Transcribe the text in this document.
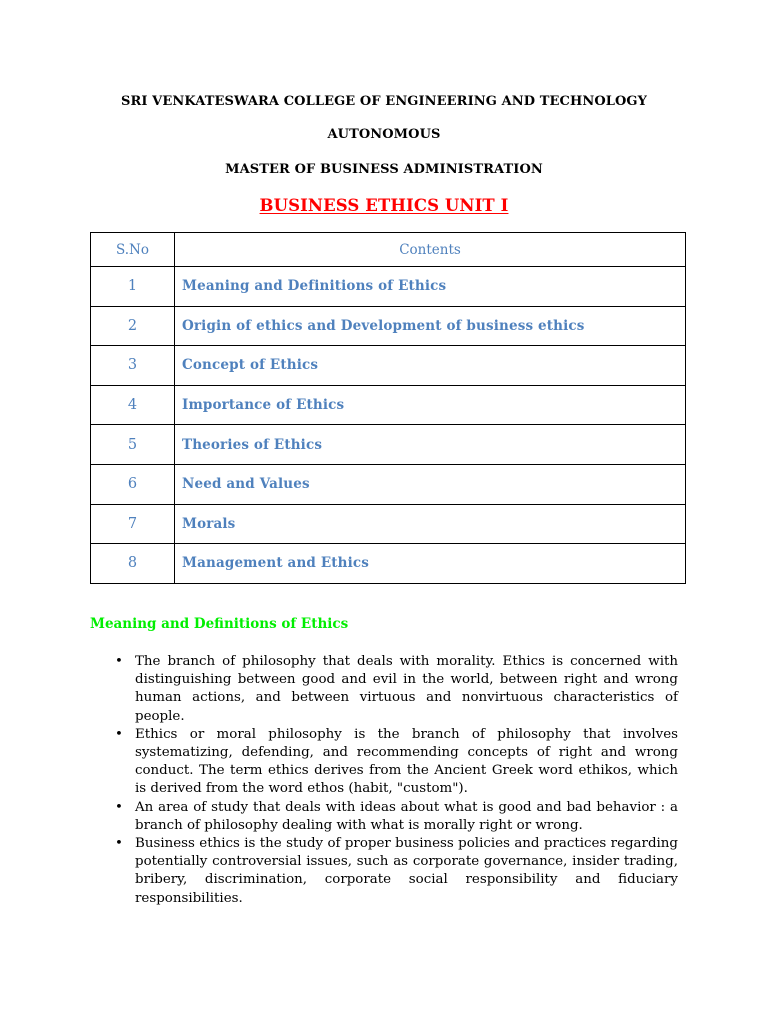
SRI VENKATESWARA COLLEGE OF ENGINEERING AND TECHNOLOGY
AUTONOMOUS
MASTER OF BUSINESS ADMINISTRATION
BUSINESS ETHICS UNIT I
S.No	Contents
1	Meaning and Definitions of Ethics
2	Origin of ethics and Development of business ethics
3	Concept of Ethics
4	Importance of Ethics
5	Theories of Ethics
6	Need and Values
7	Morals
8	Management and Ethics
Meaning and Definitions of Ethics
• The branch of philosophy that deals with morality. Ethics is concerned with distinguishing between good and evil in the world, between right and wrong human actions, and between virtuous and nonvirtuous characteristics of people.
• Ethics or moral philosophy is the branch of philosophy that involves systematizing, defending, and recommending concepts of right and wrong conduct. The term ethics derives from the Ancient Greek word ethikos, which is derived from the word ethos (habit, "custom").
• An area of study that deals with ideas about what is good and bad behavior : a branch of philosophy dealing with what is morally right or wrong.
• Business ethics is the study of proper business policies and practices regarding potentially controversial issues, such as corporate governance, insider trading, bribery, discrimination, corporate social responsibility and fiduciary responsibilities.
